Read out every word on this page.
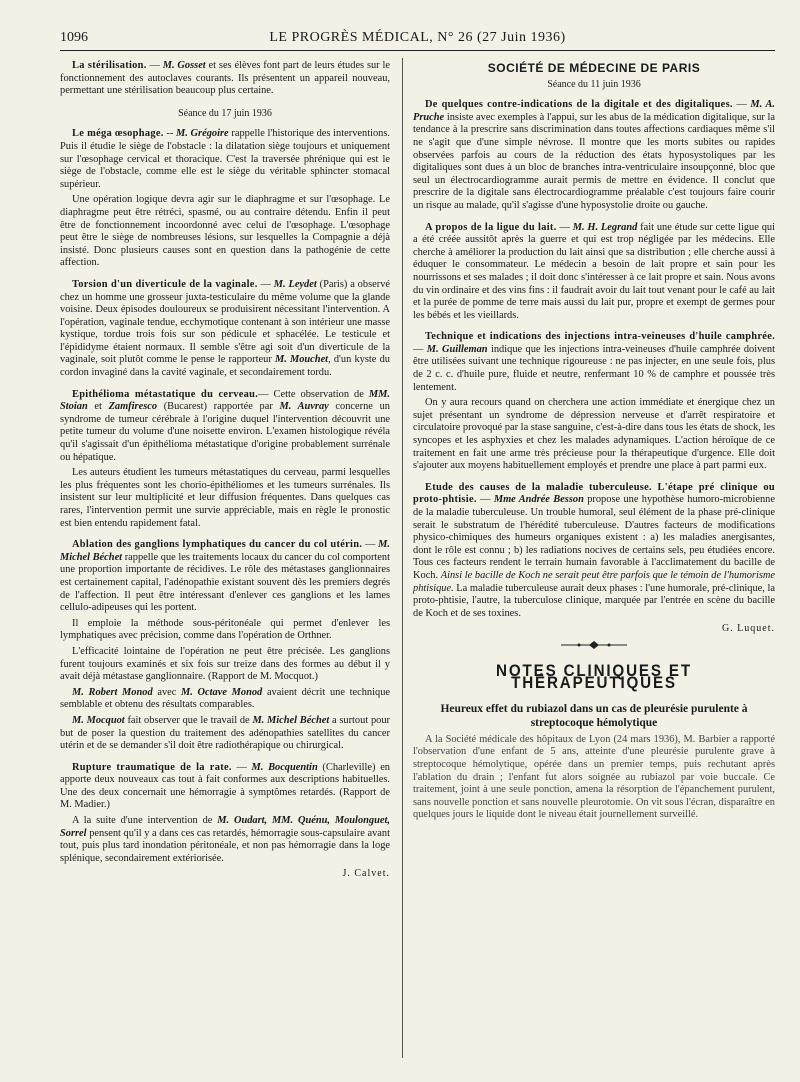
1096	LE PROGRÈS MÉDICAL, N° 26 (27 Juin 1936)

La stérilisation. — M. Gosset et ses élèves font part de leurs études sur le fonctionnement des autoclaves courants. Ils présentent un appareil nouveau, permettant une stérilisation beaucoup plus certaine.

Séance du 17 juin 1936

Le méga œsophage. -- M. Grégoire rappelle l'historique des interventions. Puis il étudie le siège de l'obstacle : la dilatation siège toujours et uniquement sur l'œsophage cervical et thoracique. C'est la traversée phrénique qui est le siège de l'obstacle, comme elle est le siège du véritable sphincter stomacal supérieur.

Une opération logique devra agir sur le diaphragme et sur l'œsophage. Le diaphragme peut être rétréci, spasmé, ou au contraire détendu. Enfin il peut être de fonctionnement incoordonné avec celui de l'œsophage. L'œsophage peut être le siège de nombreuses lésions, sur lesquelles la Compagnie a déjà insisté. Donc plusieurs causes sont en question dans la pathogénie de cette affection.

Torsion d'un diverticule de la vaginale. — M. Leydet (Paris) a observé chez un homme une grosseur juxta-testiculaire du même volume que la glande voisine. Deux épisodes douloureux se produisirent nécessitant l'intervention. A l'opération, vaginale tendue, ecchymotique contenant à son intérieur une masse kystique, tordue trois fois sur son pédicule et sphacélée. Le testicule et l'épididyme étaient normaux. Il semble s'être agi soit d'un diverticule de la vaginale, soit plutôt comme le pense le rapporteur M. Mouchet, d'un kyste du cordon invaginé dans la cavité vaginale, et secondairement tordu.

Epithélioma métastatique du cerveau.— Cette observation de MM. Stoian et Zamfiresco (Bucarest) rapportée par M. Auvray concerne un syndrome de tumeur cérébrale à l'origine duquel l'intervention découvrit une petite tumeur du volume d'une noisette environ. L'examen histologique révéla qu'il s'agissait d'un épithélioma métastatique d'origine probablement surrénale ou hépatique.

Les auteurs étudient les tumeurs métastatiques du cerveau, parmi lesquelles les plus fréquentes sont les chorio-épithéliomes et les tumeurs surrénales. Ils insistent sur leur multiplicité et leur diffusion fréquentes. Dans quelques cas rares, l'intervention permit une survie appréciable, mais en règle le pronostic est bien entendu rapidement fatal.

Ablation des ganglions lymphatiques du cancer du col utérin. — M. Michel Béchet rappelle que les traitements locaux du cancer du col comportent une proportion importante de récidives. Le rôle des métastases ganglionnaires est certainement capital, l'adénopathie existant souvent dès les premiers degrés de l'affection. Il peut être intéressant d'enlever ces ganglions et les lames cellulo-adipeuses qui les portent.

Il emploie la méthode sous-péritonéale qui permet d'enlever les lymphatiques avec précision, comme dans l'opération de Orthner.

L'efficacité lointaine de l'opération ne peut être précisée. Les ganglions furent toujours examinés et six fois sur treize dans des formes au début il y avait déjà métastase ganglionnaire. (Rapport de M. Mocquot.)

M. Robert Monod avec M. Octave Monod avaient décrit une technique semblable et obtenu des résultats comparables.

M. Mocquot fait observer que le travail de M. Michel Béchet a surtout pour but de poser la question du traitement des adénopathies satellites du cancer utérin et de se demander s'il doit être radiothérapique ou chirurgical.

Rupture traumatique de la rate. — M. Bocquentin (Charleville) en apporte deux nouveaux cas tout à fait conformes aux descriptions habituelles. Une des deux concernait une hémorragie à symptômes retardés. (Rapport de M. Madier.)

A la suite d'une intervention de M. Oudart, MM. Quénu, Moulonguet, Sorrel pensent qu'il y a dans ces cas retardés, hémorragie sous-capsulaire avant tout, puis plus tard inondation péritonéale, et non pas hémorragie dans la loge splénique, secondairement extériorisée.

J. Calvet.

SOCIÉTÉ DE MÉDECINE DE PARIS

Séance du 11 juin 1936

De quelques contre-indications de la digitale et des digitaliques. — M. A. Pruche insiste avec exemples à l'appui, sur les abus de la médication digitalique, sur la tendance à la prescrire sans discrimination dans toutes affections cardiaques même s'il ne s'agit que d'une simple névrose. Il montre que les morts subites ou rapides observées parfois au cours de la réduction des états hyposystoliques par les digitaliques sont dues à un bloc de branches intra-ventriculaire insoupçonné, bloc que seul un électrocardiogramme aurait permis de mettre en évidence. Il conclut que prescrire de la digitale sans électrocardiogramme préalable c'est toujours faire courir un risque au malade, qu'il s'agisse d'une hyposystolie droite ou gauche.

A propos de la ligue du lait. — M. H. Legrand fait une étude sur cette ligue qui a été créée aussitôt après la guerre et qui est trop négligée par les médecins. Elle cherche à améliorer la production du lait ainsi que sa distribution ; elle cherche aussi à éduquer le consommateur. Le médecin a besoin de lait propre et sain pour les nourrissons et ses malades ; il doit donc s'intéresser à ce lait propre et sain. Nous avons du vin ordinaire et des vins fins : il faudrait avoir du lait tout venant pour le café au lait et la purée de pomme de terre mais aussi du lait pur, propre et exempt de germes pour les bébés et les vieillards.

Technique et indications des injections intra-veineuses d'huile camphrée. — M. Guilleman indique que les injections intra-veineuses d'huile camphrée doivent être utilisées suivant une technique rigoureuse : ne pas injecter, en une seule fois, plus de 2 c. c. d'huile pure, fluide et neutre, renfermant 10 % de camphre et poussée très lentement.

On y aura recours quand on cherchera une action immédiate et énergique chez un sujet présentant un syndrome de dépression nerveuse et d'arrêt respiratoire et circulatoire provoqué par la stase sanguine, c'est-à-dire dans tous les états de shock, les syncopes et les asphyxies et chez les malades adynamiques. L'action héroïque de ce traitement en fait une arme très précieuse pour la thérapeutique d'urgence. Elle doit s'ajouter aux moyens habituellement employés et prendre une place à part parmi eux.

Etude des causes de la maladie tuberculeuse. L'étape pré clinique ou proto-phtisie. — Mme Andrée Besson propose une hypothèse humoro-microbienne de la maladie tuberculeuse. Un trouble humoral, seul élément de la phase pré-clinique serait le substratum de l'hérédité tuberculeuse. D'autres facteurs de modifications physico-chimiques des humeurs organiques existent : a) les maladies anergisantes, dont le rôle est connu ; b) les radiations nocives de certains sels, peu étudiées encore. Tous ces facteurs rendent le terrain humain favorable à l'acclimatement du bacille de Koch. Ainsi le bacille de Koch ne serait peut être parfois que le témoin de l'humorisme phtisique. La maladie tuberculeuse aurait deux phases : l'une humorale, pré-clinique, la proto-phtisie, l'autre, la tuberculose clinique, marquée par l'entrée en scène du bacille de Koch et de ses toxines.

G. Luquet.

NOTES CLINIQUES ET THÉRAPEUTIQUES

Heureux effet du rubiazol dans un cas de pleurésie purulente à streptocoque hémolytique

A la Société médicale des hôpitaux de Lyon (24 mars 1936), M. Barbier a rapporté l'observation d'une enfant de 5 ans, atteinte d'une pleurésie purulente grave à streptocoque hémolytique, opérée dans un premier temps, puis rechutant après l'ablation du drain ; l'enfant fut alors soignée au rubiazol par voie buccale. Ce traitement, joint à une seule ponction, amena la résorption de l'épanchement purulent, sans nouvelle ponction et sans nouvelle pleurotomie. On vit sous l'écran, disparaître en quelques jours le liquide dont le niveau était journellement surveillé.
